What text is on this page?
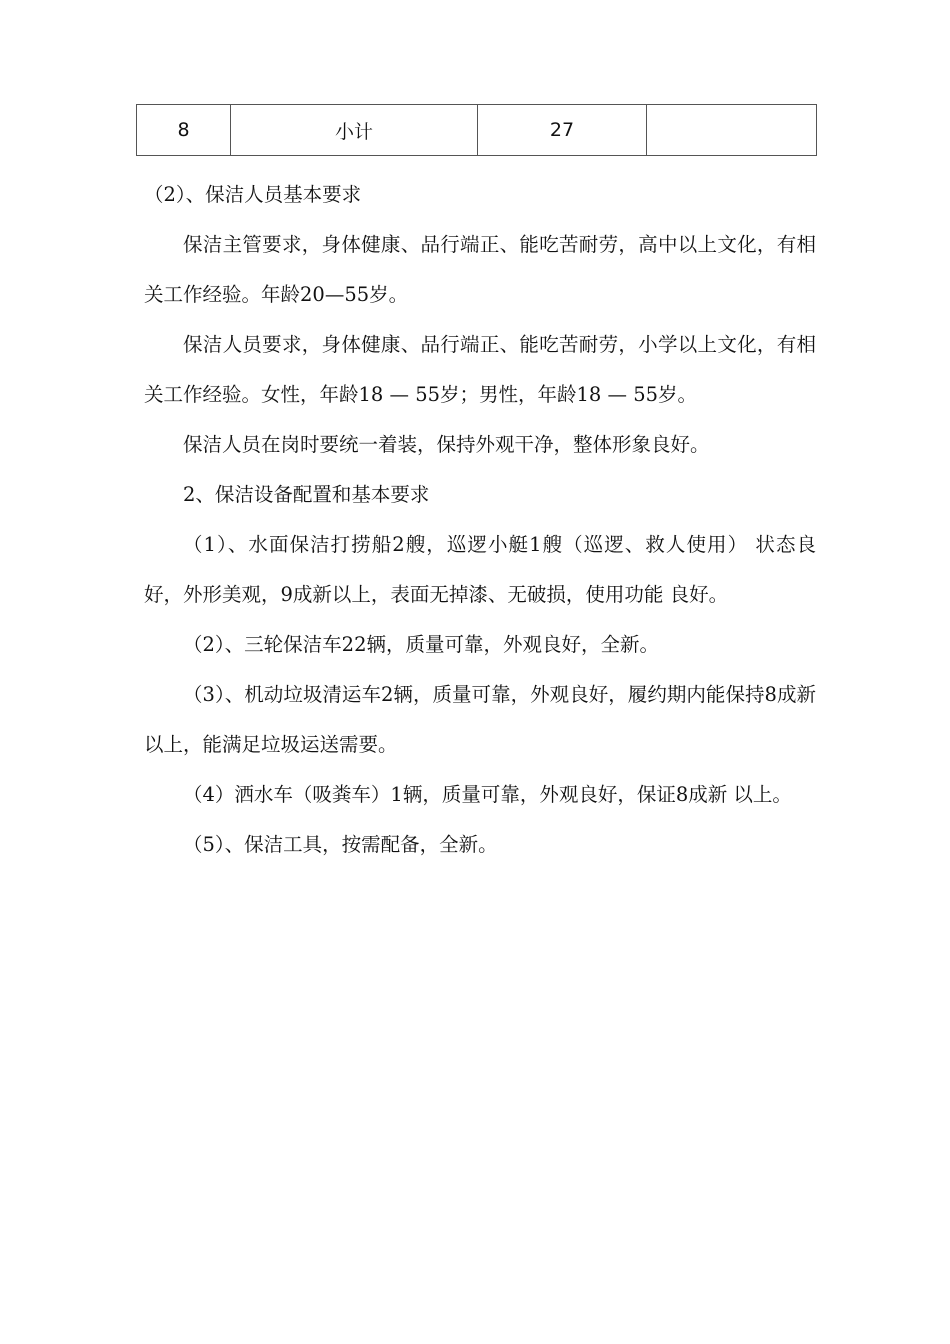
8	小计	27	

（2）、保洁人员基本要求

保洁主管要求，身体健康、品行端正、能吃苦耐劳，高中以上文化，有相关工作经验。年龄20—55岁。

保洁人员要求，身体健康、品行端正、能吃苦耐劳，小学以上文化，有相关工作经验。女性，年龄18 — 55岁；男性，年龄18 — 55岁。

保洁人员在岗时要统一着装，保持外观干净，整体形象良好。

2、保洁设备配置和基本要求

（1）、水面保洁打捞船2艘，巡逻小艇1艘（巡逻、救人使用） 状态良好，外形美观，9成新以上，表面无掉漆、无破损，使用功能 良好。

（2）、三轮保洁车22辆，质量可靠，外观良好，全新。

（3）、机动垃圾清运车2辆，质量可靠，外观良好，履约期内能保持8成新以上，能满足垃圾运送需要。

（4）洒水车（吸粪车）1辆，质量可靠，外观良好，保证8成新 以上。

（5）、保洁工具，按需配备，全新。
